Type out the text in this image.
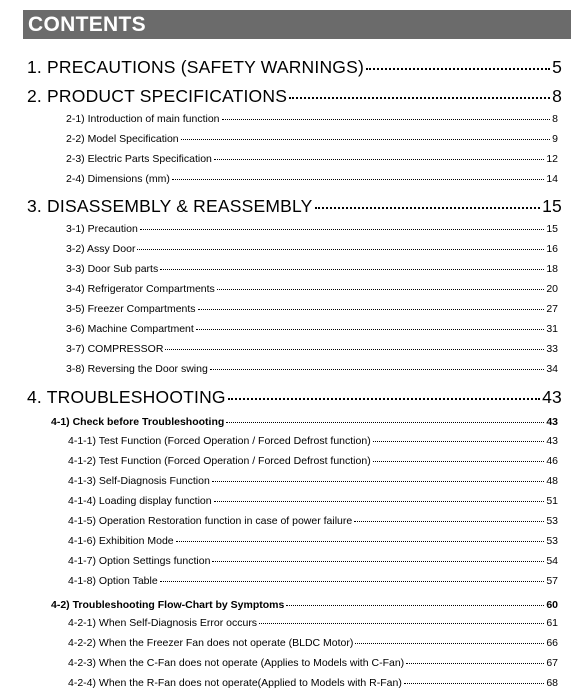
CONTENTS
1. PRECAUTIONS (SAFETY WARNINGS)	5
2. PRODUCT SPECIFICATIONS	8
2-1) Introduction of main function	8
2-2) Model Specification	9
2-3) Electric Parts Specification	12
2-4) Dimensions (mm)	14
3. DISASSEMBLY & REASSEMBLY	15
3-1) Precaution	15
3-2) Assy Door	16
3-3) Door Sub parts	18
3-4) Refrigerator Compartments	20
3-5) Freezer Compartments	27
3-6) Machine Compartment	31
3-7) COMPRESSOR	33
3-8) Reversing the Door swing	34
4. TROUBLESHOOTING	43
4-1) Check before Troubleshooting	43
4-1-1) Test Function (Forced Operation / Forced Defrost function)	43
4-1-2) Test Function (Forced Operation / Forced Defrost function)	46
4-1-3) Self-Diagnosis Function	48
4-1-4) Loading display function	51
4-1-5) Operation Restoration function in case of power failure	53
4-1-6) Exhibition Mode	53
4-1-7) Option Settings function	54
4-1-8) Option Table	57
4-2) Troubleshooting Flow-Chart by Symptoms	60
4-2-1) When Self-Diagnosis Error occurs	61
4-2-2) When the Freezer Fan does not operate (BLDC Motor)	66
4-2-3) When the C-Fan does not operate (Applies to Models with C-Fan)	67
4-2-4) When the R-Fan does not operate(Applied to Models with R-Fan)	68
